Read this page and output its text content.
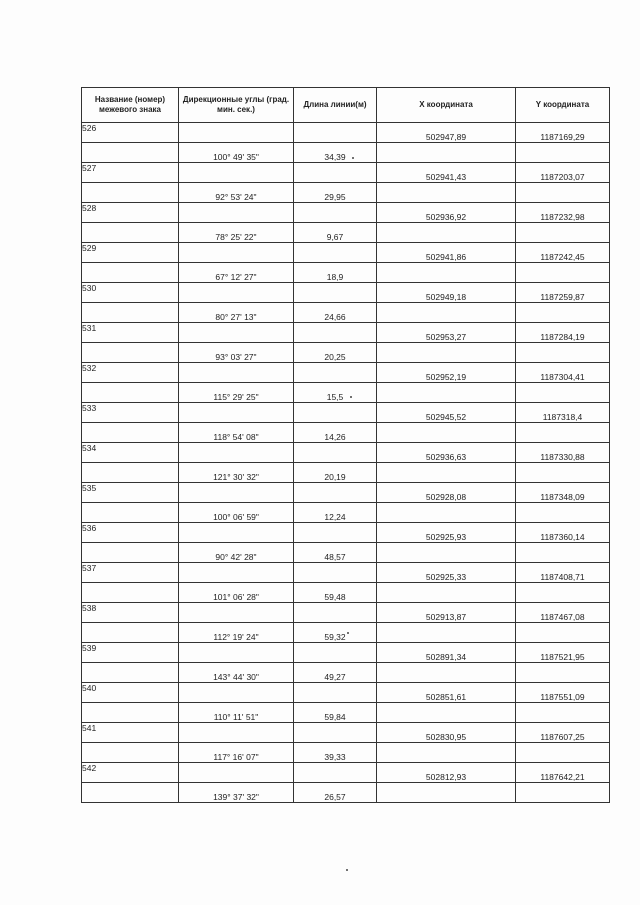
Название (номер) межевого знака	Дирекционные углы (град. мин. сек.)	Длина линии(м)	X координата	Y координата
526			502947,89	1187169,29
	100° 49' 35"	34,39		
527			502941,43	1187203,07
	92° 53' 24"	29,95		
528			502936,92	1187232,98
	78° 25' 22"	9,67		
529			502941,86	1187242,45
	67° 12' 27"	18,9		
530			502949,18	1187259,87
	80° 27' 13"	24,66		
531			502953,27	1187284,19
	93° 03' 27"	20,25		
532			502952,19	1187304,41
	115° 29' 25"	15,5		
533			502945,52	1187318,4
	118° 54' 08"	14,26		
534			502936,63	1187330,88
	121° 30' 32"	20,19		
535			502928,08	1187348,09
	100° 06' 59"	12,24		
536			502925,93	1187360,14
	90° 42' 28"	48,57		
537			502925,33	1187408,71
	101° 06' 28"	59,48		
538			502913,87	1187467,08
	112° 19' 24"	59,32		
539			502891,34	1187521,95
	143° 44' 30"	49,27		
540			502851,61	1187551,09
	110° 11' 51"	59,84		
541			502830,95	1187607,25
	117° 16' 07"	39,33		
542			502812,93	1187642,21
	139° 37' 32"	26,57		
